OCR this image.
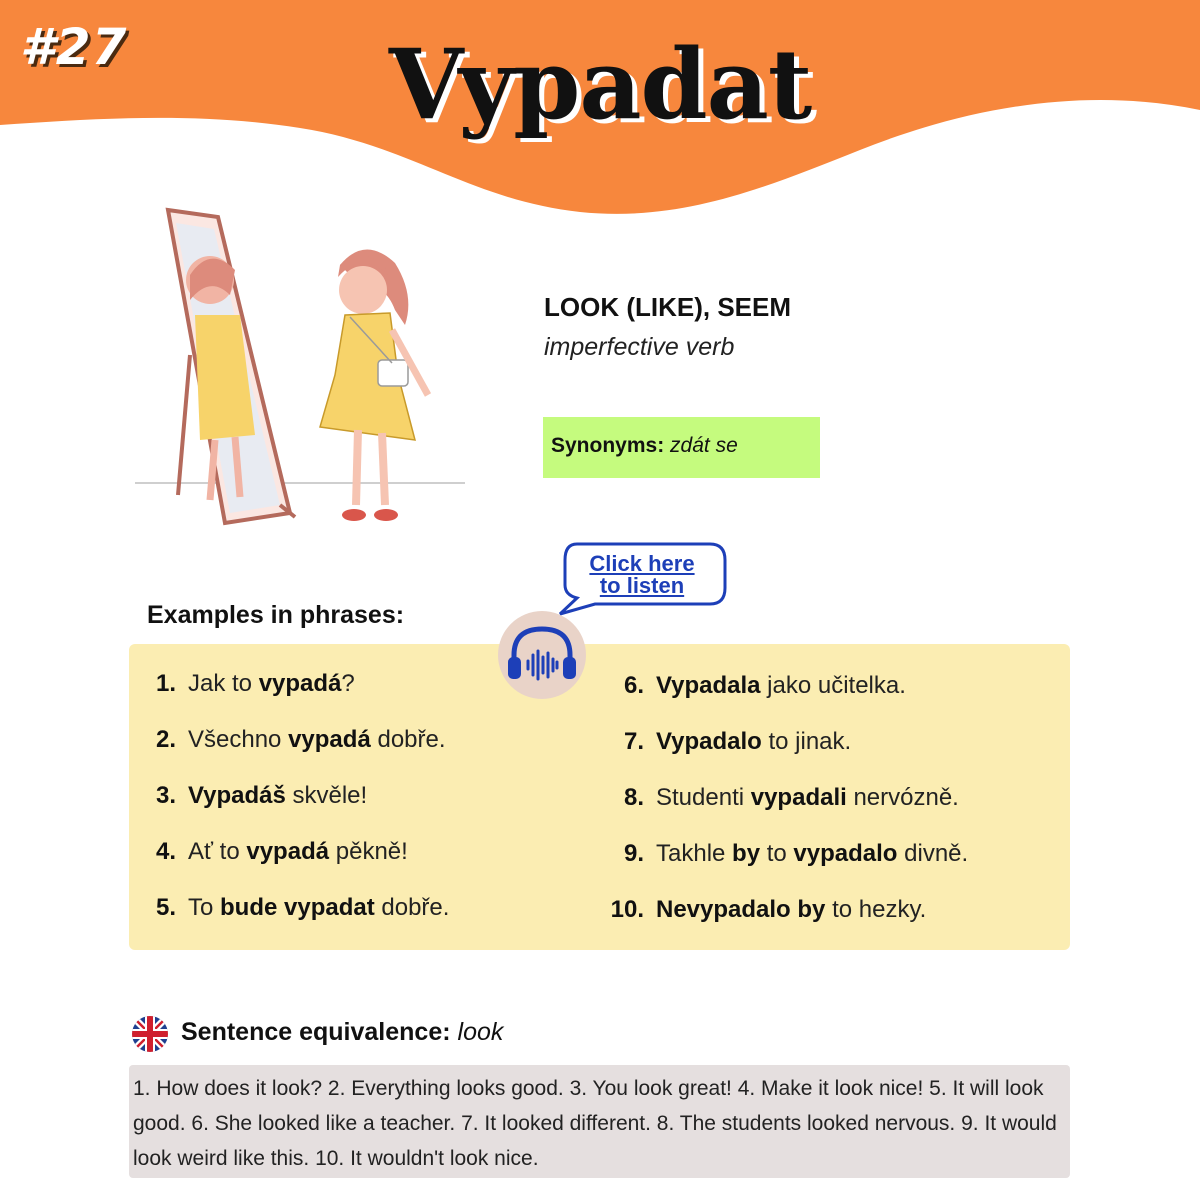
#27	Vypadat
LOOK (LIKE), SEEM
imperfective verb
Synonyms: zdát se
Examples in phrases:
1. Jak to vypadá?
2. Všechno vypadá dobře.
3. Vypadáš skvěle!
4. Ať to vypadá pěkně!
5. To bude vypadat dobře.
6. Vypadala jako učitelka.
7. Vypadalo to jinak.
8. Studenti vypadali nervózně.
9. Takhle by to vypadalo divně.
10. Nevypadalo by to hezky.
Click here
to listen
Sentence equivalence: look
1. How does it look? 2. Everything looks good. 3. You look great! 4. Make it look nice! 5. It will look good. 6. She looked like a teacher. 7. It looked different. 8. The students looked nervous. 9. It would look weird like this. 10. It wouldn't look nice.
